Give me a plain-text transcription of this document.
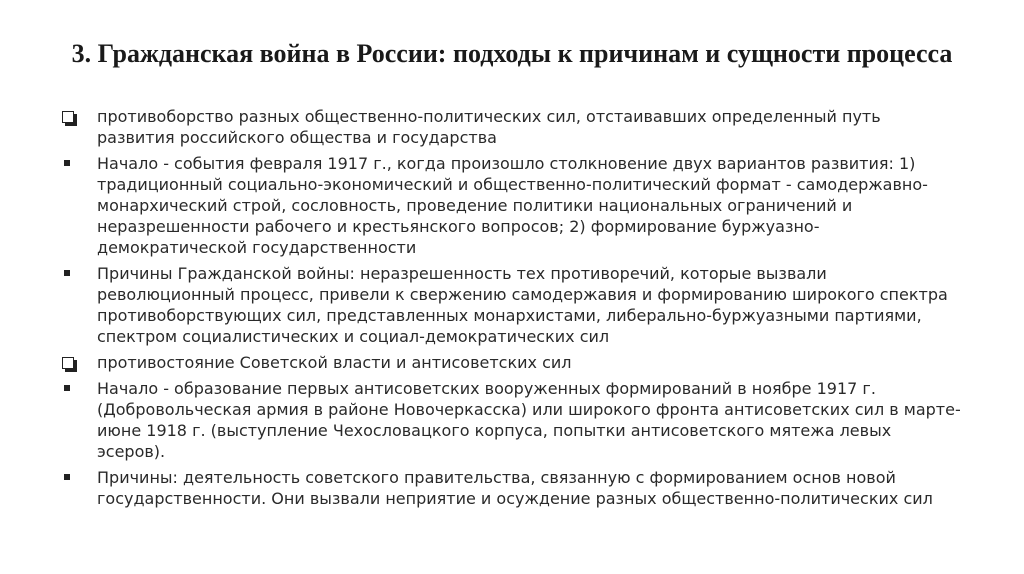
3. Гражданская война в России: подходы к причинам и сущности процесса
противоборство разных общественно-политических сил, отстаивавших определенный путь развития российского общества и государства
Начало - события февраля 1917 г., когда произошло столкновение двух вариантов развития: 1) традиционный социально-экономический и общественно-политический формат - самодержавно-монархический строй, сословность, проведение политики национальных ограничений и неразрешенности рабочего и крестьянского вопросов; 2) формирование буржуазно-демократической государственности
Причины Гражданской войны: неразрешенность тех противоречий, которые вызвали революционный процесс, привели к свержению самодержавия и формированию широкого спектра противоборствующих сил, представленных монархистами, либерально-буржуазными партиями, спектром социалистических и социал-демократических сил
противостояние Советской власти и антисоветских сил
Начало - образование первых антисоветских вооруженных формирований в ноябре 1917 г. (Добровольческая армия в районе Новочеркасска) или широкого фронта антисоветских сил в марте-июне 1918 г. (выступление Чехословацкого корпуса, попытки антисоветского мятежа левых эсеров).
Причины: деятельность советского правительства, связанную с формированием основ новой государственности. Они вызвали неприятие и осуждение разных общественно-политических сил
